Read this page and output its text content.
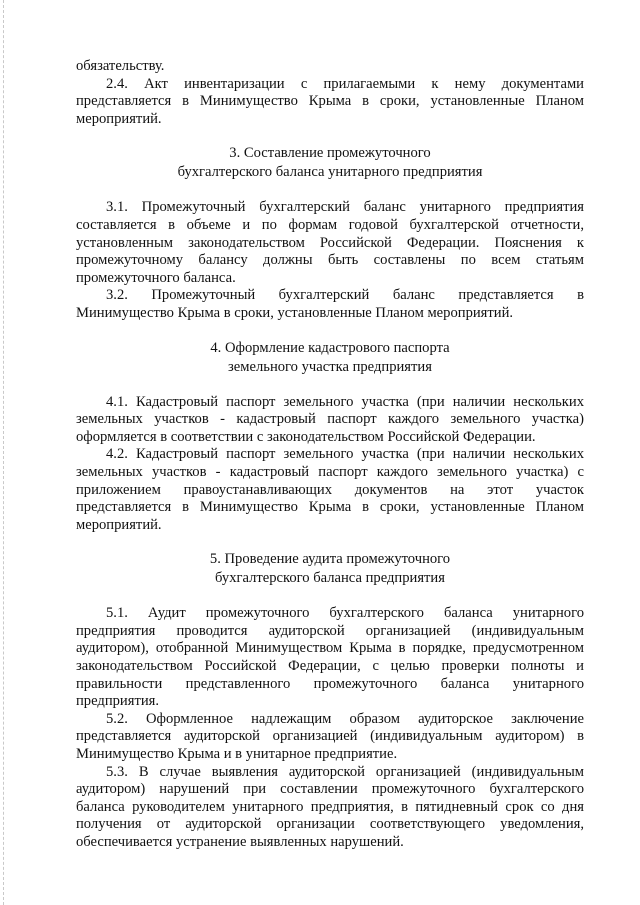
обязательству.

2.4. Акт инвентаризации с прилагаемыми к нему документами представляется в Минимущество Крыма в сроки, установленные Планом мероприятий.

3. Составление промежуточного

бухгалтерского баланса унитарного предприятия

3.1. Промежуточный бухгалтерский баланс унитарного предприятия составляется в объеме и по формам годовой бухгалтерской отчетности, установленным законодательством Российской Федерации. Пояснения к промежуточному балансу должны быть составлены по всем статьям промежуточного баланса.

3.2. Промежуточный бухгалтерский баланс представляется в Минимущество Крыма в сроки, установленные Планом мероприятий.

4. Оформление кадастрового паспорта

земельного участка предприятия

4.1. Кадастровый паспорт земельного участка (при наличии нескольких земельных участков - кадастровый паспорт каждого земельного участка) оформляется в соответствии с законодательством Российской Федерации.

4.2. Кадастровый паспорт земельного участка (при наличии нескольких земельных участков - кадастровый паспорт каждого земельного участка) с приложением правоустанавливающих документов на этот участок представляется в Минимущество Крыма в сроки, установленные Планом мероприятий.

5. Проведение аудита промежуточного

бухгалтерского баланса предприятия

5.1. Аудит промежуточного бухгалтерского баланса унитарного предприятия проводится аудиторской организацией (индивидуальным аудитором), отобранной Минимуществом Крыма в порядке, предусмотренном законодательством Российской Федерации, с целью проверки полноты и правильности представленного промежуточного баланса унитарного предприятия.

5.2. Оформленное надлежащим образом аудиторское заключение представляется аудиторской организацией (индивидуальным аудитором) в Минимущество Крыма и в унитарное предприятие.

5.3. В случае выявления аудиторской организацией (индивидуальным аудитором) нарушений при составлении промежуточного бухгалтерского баланса руководителем унитарного предприятия, в пятидневный срок со дня получения от аудиторской организации соответствующего уведомления, обеспечивается устранение выявленных нарушений.
